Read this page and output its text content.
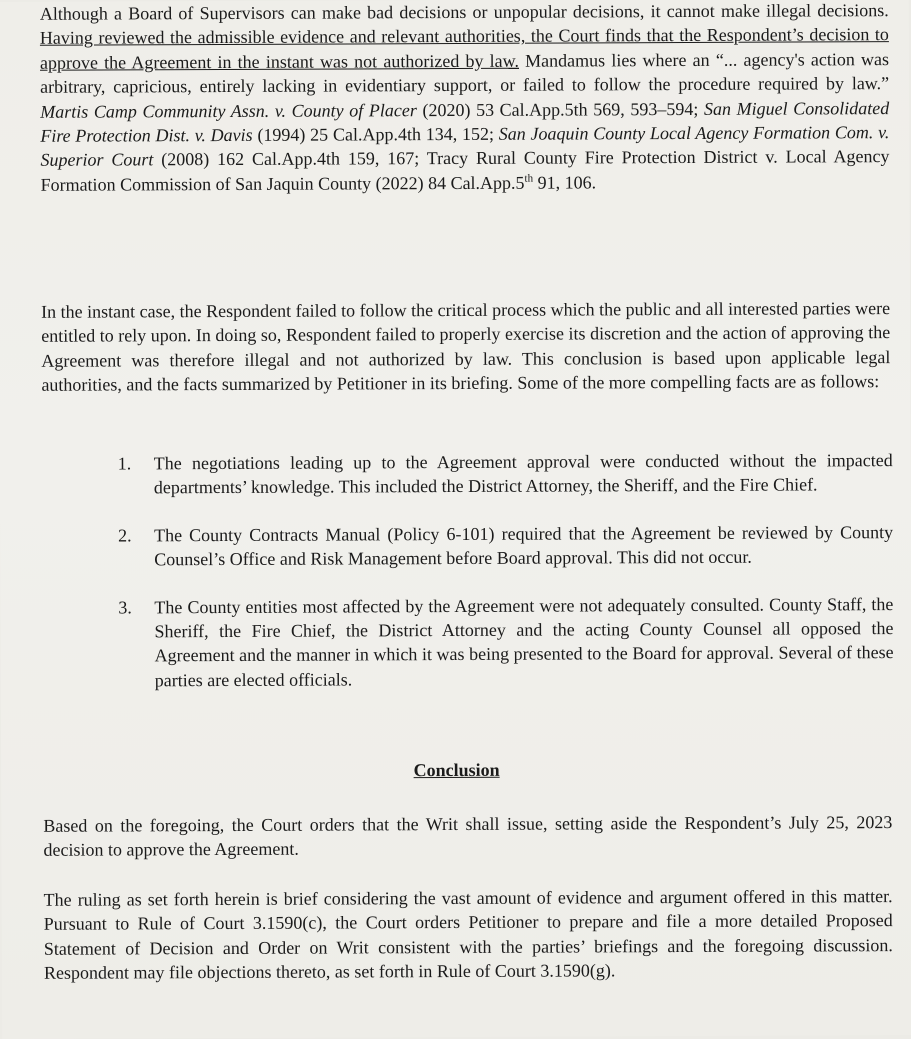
Although a Board of Supervisors can make bad decisions or unpopular decisions, it cannot make illegal decisions. Having reviewed the admissible evidence and relevant authorities, the Court finds that the Respondent’s decision to approve the Agreement in the instant was not authorized by law. Mandamus lies where an “... agency's action was arbitrary, capricious, entirely lacking in evidentiary support, or failed to follow the procedure required by law.” Martis Camp Community Assn. v. County of Placer (2020) 53 Cal.App.5th 569, 593–594; San Miguel Consolidated Fire Protection Dist. v. Davis (1994) 25 Cal.App.4th 134, 152; San Joaquin County Local Agency Formation Com. v. Superior Court (2008) 162 Cal.App.4th 159, 167; Tracy Rural County Fire Protection District v. Local Agency Formation Commission of San Jaquin County (2022) 84 Cal.App.5th 91, 106.

In the instant case, the Respondent failed to follow the critical process which the public and all interested parties were entitled to rely upon. In doing so, Respondent failed to properly exercise its discretion and the action of approving the Agreement was therefore illegal and not authorized by law. This conclusion is based upon applicable legal authorities, and the facts summarized by Petitioner in its briefing. Some of the more compelling facts are as follows:

1. The negotiations leading up to the Agreement approval were conducted without the impacted departments’ knowledge. This included the District Attorney, the Sheriff, and the Fire Chief.
2. The County Contracts Manual (Policy 6-101) required that the Agreement be reviewed by County Counsel’s Office and Risk Management before Board approval. This did not occur.
3. The County entities most affected by the Agreement were not adequately consulted. County Staff, the Sheriff, the Fire Chief, the District Attorney and the acting County Counsel all opposed the Agreement and the manner in which it was being presented to the Board for approval. Several of these parties are elected officials.
Conclusion

Based on the foregoing, the Court orders that the Writ shall issue, setting aside the Respondent’s July 25, 2023 decision to approve the Agreement.

The ruling as set forth herein is brief considering the vast amount of evidence and argument offered in this matter. Pursuant to Rule of Court 3.1590(c), the Court orders Petitioner to prepare and file a more detailed Proposed Statement of Decision and Order on Writ consistent with the parties’ briefings and the foregoing discussion. Respondent may file objections thereto, as set forth in Rule of Court 3.1590(g).
